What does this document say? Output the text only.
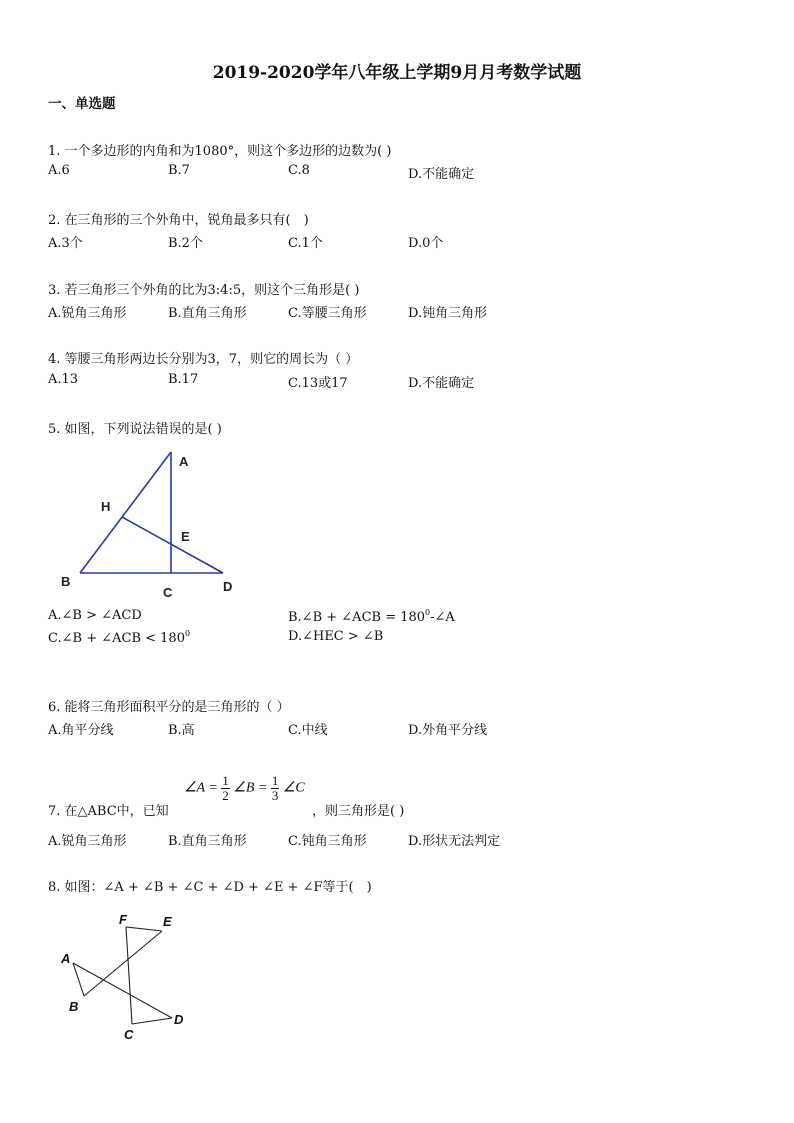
2019-2020学年八年级上学期9月月考数学试题
一、单选题
1. 一个多边形的内角和为1080°，则这个多边形的边数为( )
A.6	B.7	C.8	D.不能确定
2. 在三角形的三个外角中，锐角最多只有(　)
A.3个	B.2个	C.1个	D.0个
3. 若三角形三个外角的比为3:4:5，则这个三角形是( )
A.锐角三角形	B.直角三角形	C.等腰三角形	D.钝角三角形
4. 等腰三角形两边长分别为3，7，则它的周长为（ ）
A.13	B.17	C.13或17	D.不能确定
5. 如图，下列说法错误的是( )
A
H
E
B
C	D
A.∠B > ∠ACD	B.∠B + ∠ACB = $180^0-\angle A$
C.∠B + ∠ACB < $180^0$	D.∠HEC > ∠B
6. 能将三角形面积平分的是三角形的（ ）
A.角平分线	B.高	C.中线	D.外角平分线
7. 在△ABC中，已知
∠A = $\frac{1}{2}$ ∠B = $\frac{1}{3}$ ∠C
，则三角形是( )
A.锐角三角形	B.直角三角形	C.钝角三角形	D.形状无法判定
8. 如图：∠A + ∠B + ∠C + ∠D + ∠E + ∠F等于(　)
F	E
A
B
C
D
